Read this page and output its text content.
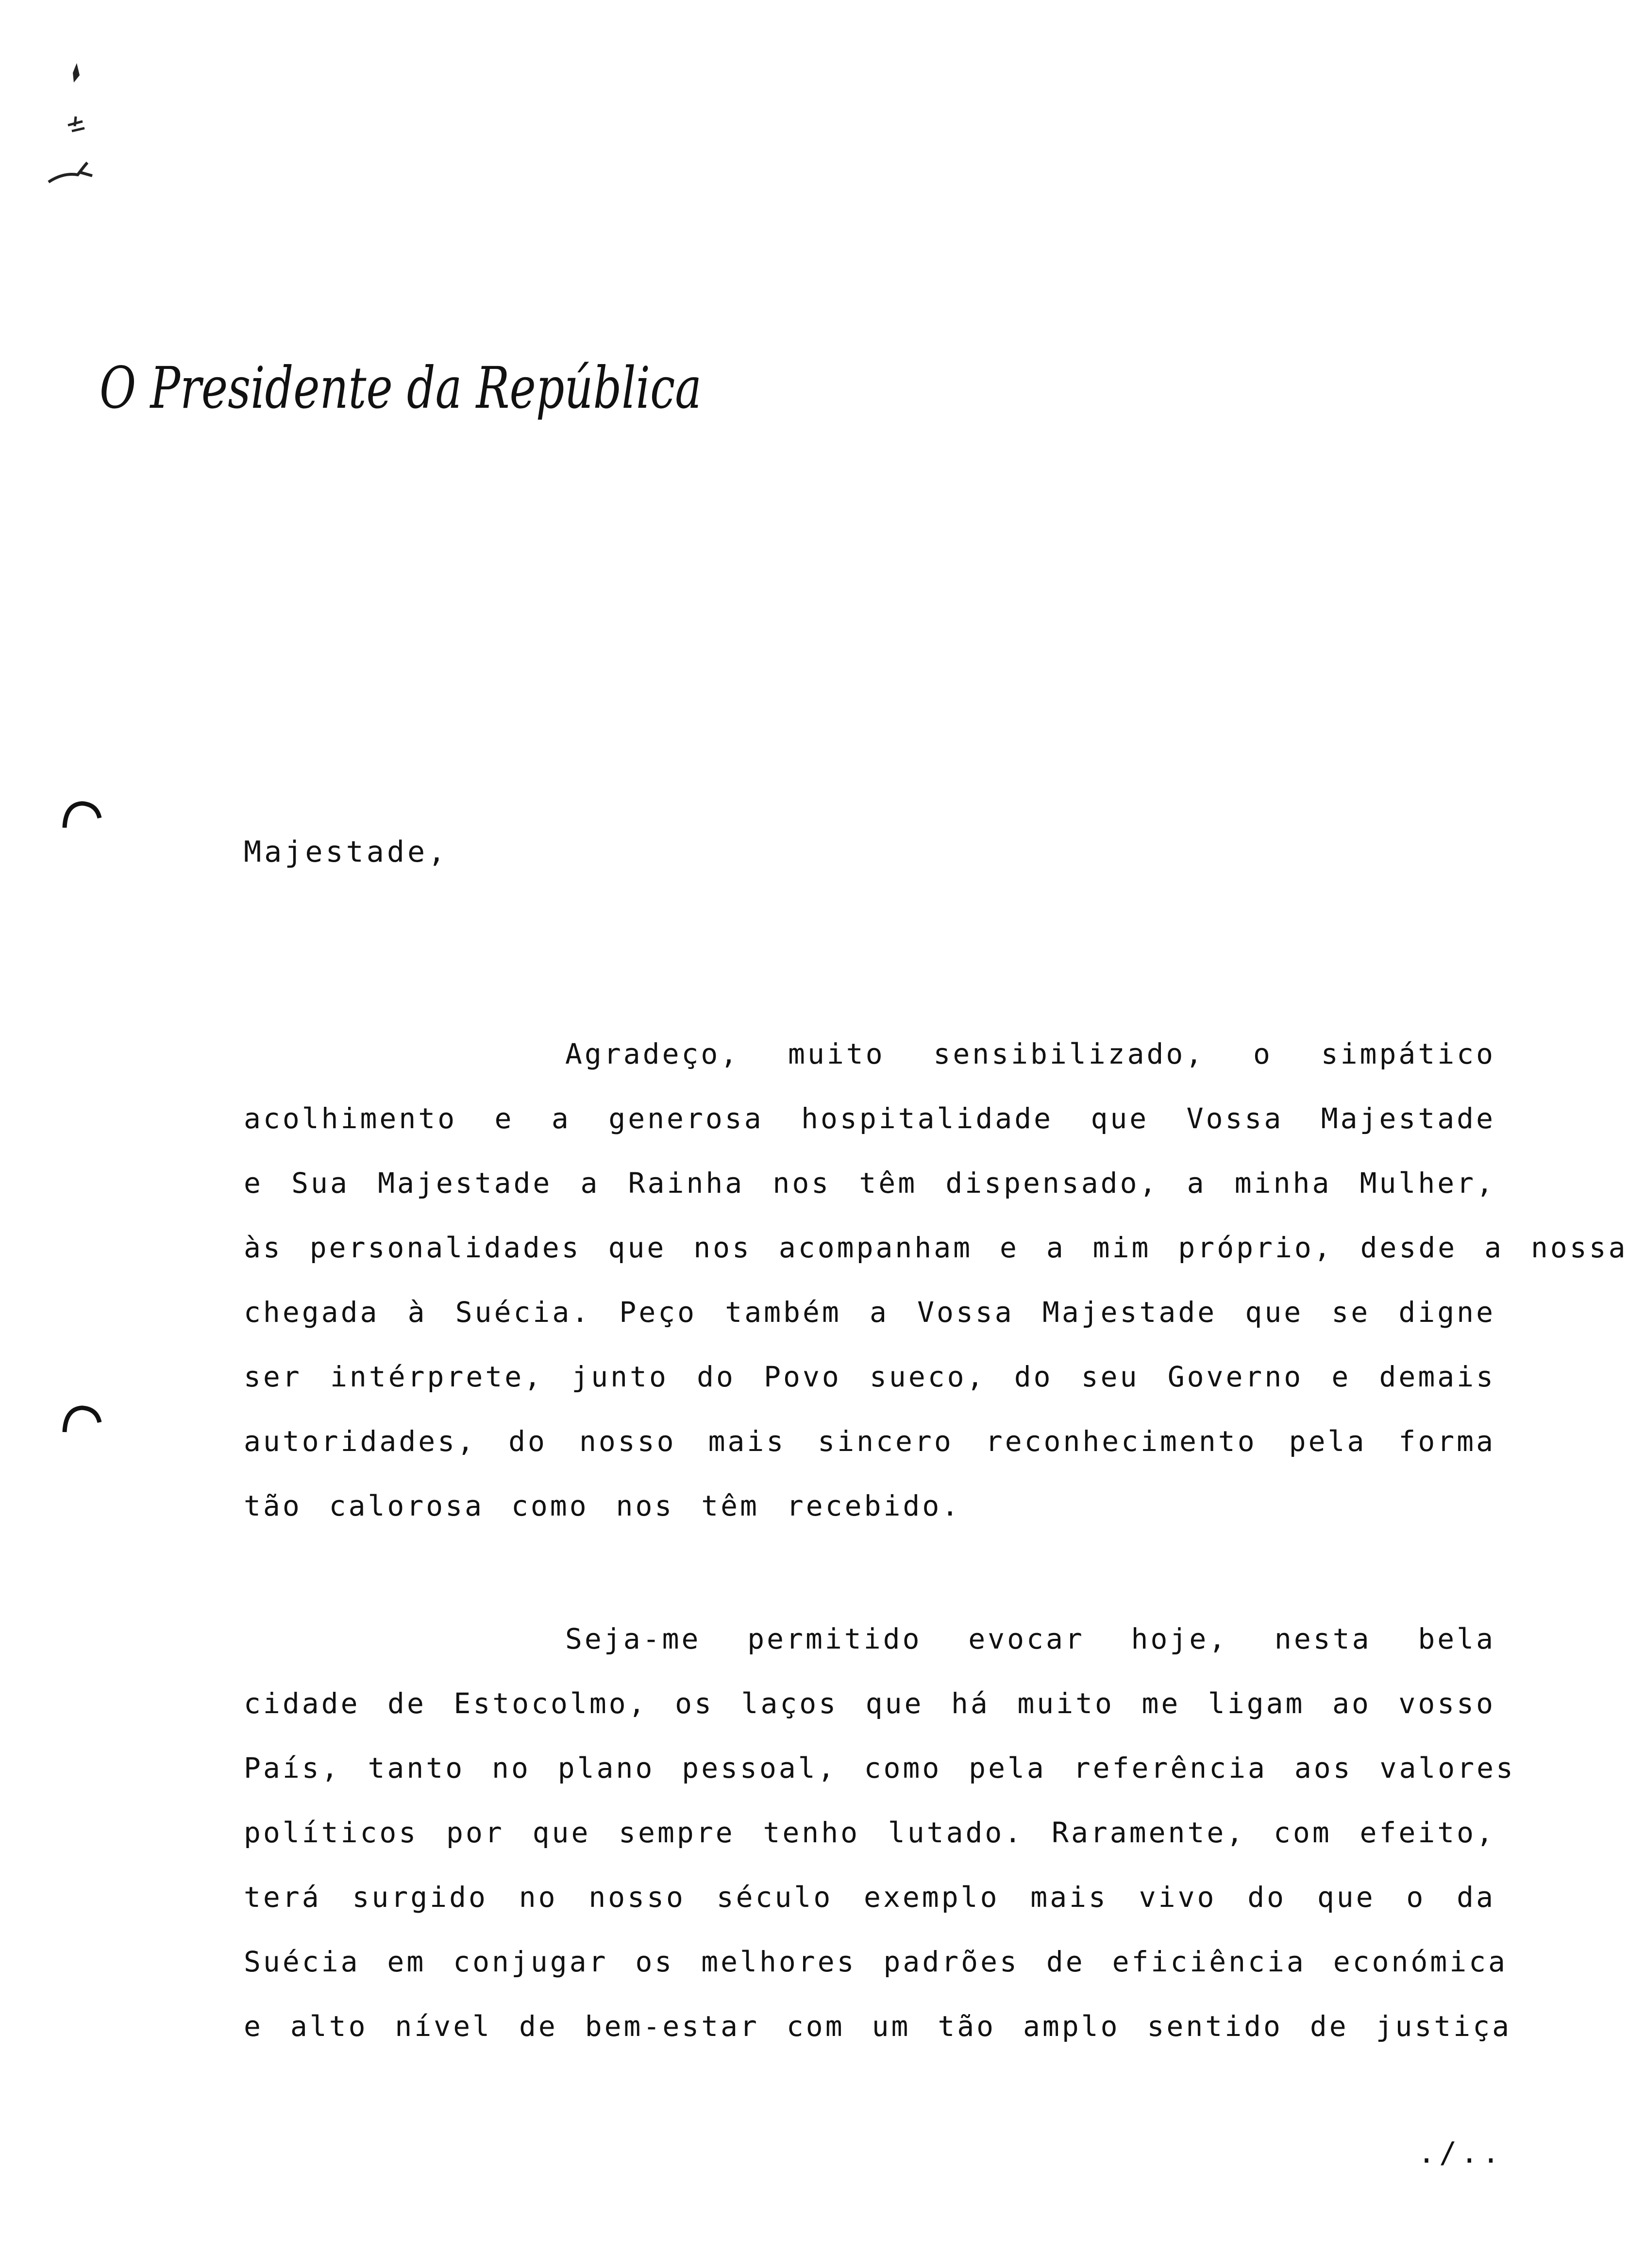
O Presidente da República
Majestade,
Agradeço, muito sensibilizado, o simpático
acolhimento e a generosa hospitalidade que Vossa Majestade
e Sua Majestade a Rainha nos têm dispensado, a minha Mulher,
às personalidades que nos acompanham e a mim próprio, desde a nossa
chegada à Suécia. Peço também a Vossa Majestade que se digne
ser intérprete, junto do Povo sueco, do seu Governo e demais
autoridades, do nosso mais sincero reconhecimento pela forma
tão calorosa como nos têm recebido.
Seja-me permitido evocar hoje, nesta bela
cidade de Estocolmo, os laços que há muito me ligam ao vosso
País, tanto no plano pessoal, como pela referência aos valores
políticos por que sempre tenho lutado. Raramente, com efeito,
terá surgido no nosso século exemplo mais vivo do que o da
Suécia em conjugar os melhores padrões de eficiência económica
e alto nível de bem-estar com um tão amplo sentido de justiça
./..
